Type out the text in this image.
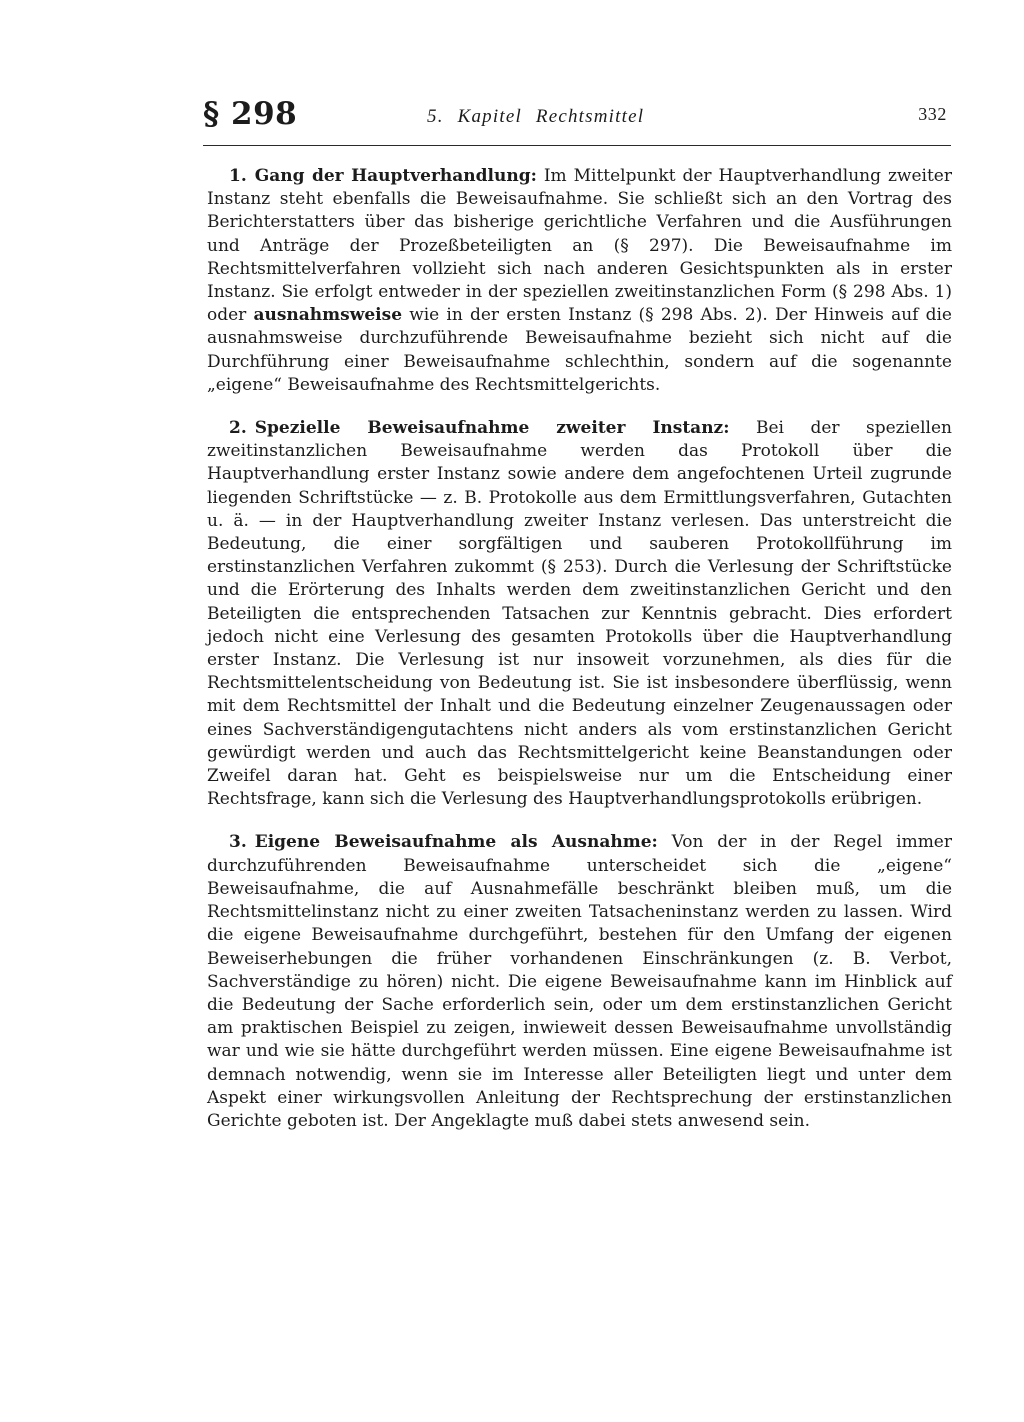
§ 298	5. Kapitel Rechtsmittel	332

1. Gang der Hauptverhandlung: Im Mittelpunkt der Hauptverhandlung zweiter Instanz steht ebenfalls die Beweisaufnahme. Sie schließt sich an den Vortrag des Berichterstatters über das bisherige gerichtliche Verfahren und die Ausführungen und Anträge der Prozeßbeteiligten an (§ 297). Die Beweisaufnahme im Rechtsmittelverfahren vollzieht sich nach anderen Gesichtspunkten als in erster Instanz. Sie erfolgt entweder in der speziellen zweitinstanzlichen Form (§ 298 Abs. 1) oder ausnahmsweise wie in der ersten Instanz (§ 298 Abs. 2). Der Hinweis auf die ausnahmsweise durchzuführende Beweisaufnahme bezieht sich nicht auf die Durchführung einer Beweisaufnahme schlechthin, sondern auf die sogenannte „eigene“ Beweisaufnahme des Rechtsmittelgerichts.

2. Spezielle Beweisaufnahme zweiter Instanz: Bei der speziellen zweitinstanzlichen Beweisaufnahme werden das Protokoll über die Hauptverhandlung erster Instanz sowie andere dem angefochtenen Urteil zugrunde liegenden Schriftstücke — z. B. Protokolle aus dem Ermittlungsverfahren, Gutachten u. ä. — in der Hauptverhandlung zweiter Instanz verlesen. Das unterstreicht die Bedeutung, die einer sorgfältigen und sauberen Protokollführung im erstinstanzlichen Verfahren zukommt (§ 253). Durch die Verlesung der Schriftstücke und die Erörterung des Inhalts werden dem zweitinstanzlichen Gericht und den Beteiligten die entsprechenden Tatsachen zur Kenntnis gebracht. Dies erfordert jedoch nicht eine Verlesung des gesamten Protokolls über die Hauptverhandlung erster Instanz. Die Verlesung ist nur insoweit vorzunehmen, als dies für die Rechtsmittelentscheidung von Bedeutung ist. Sie ist insbesondere überflüssig, wenn mit dem Rechtsmittel der Inhalt und die Bedeutung einzelner Zeugenaussagen oder eines Sachverständigengutachtens nicht anders als vom erstinstanzlichen Gericht gewürdigt werden und auch das Rechtsmittelgericht keine Beanstandungen oder Zweifel daran hat. Geht es beispielsweise nur um die Entscheidung einer Rechtsfrage, kann sich die Verlesung des Hauptverhandlungsprotokolls erübrigen.

3. Eigene Beweisaufnahme als Ausnahme: Von der in der Regel immer durchzuführenden Beweisaufnahme unterscheidet sich die „eigene“ Beweisaufnahme, die auf Ausnahmefälle beschränkt bleiben muß, um die Rechtsmittelinstanz nicht zu einer zweiten Tatsacheninstanz werden zu lassen. Wird die eigene Beweisaufnahme durchgeführt, bestehen für den Umfang der eigenen Beweiserhebungen die früher vorhandenen Einschränkungen (z. B. Verbot, Sachverständige zu hören) nicht. Die eigene Beweisaufnahme kann im Hinblick auf die Bedeutung der Sache erforderlich sein, oder um dem erstinstanzlichen Gericht am praktischen Beispiel zu zeigen, inwieweit dessen Beweisaufnahme unvollständig war und wie sie hätte durchgeführt werden müssen. Eine eigene Beweisaufnahme ist demnach notwendig, wenn sie im Interesse aller Beteiligten liegt und unter dem Aspekt einer wirkungsvollen Anleitung der Rechtsprechung der erstinstanzlichen Gerichte geboten ist. Der Angeklagte muß dabei stets anwesend sein.
